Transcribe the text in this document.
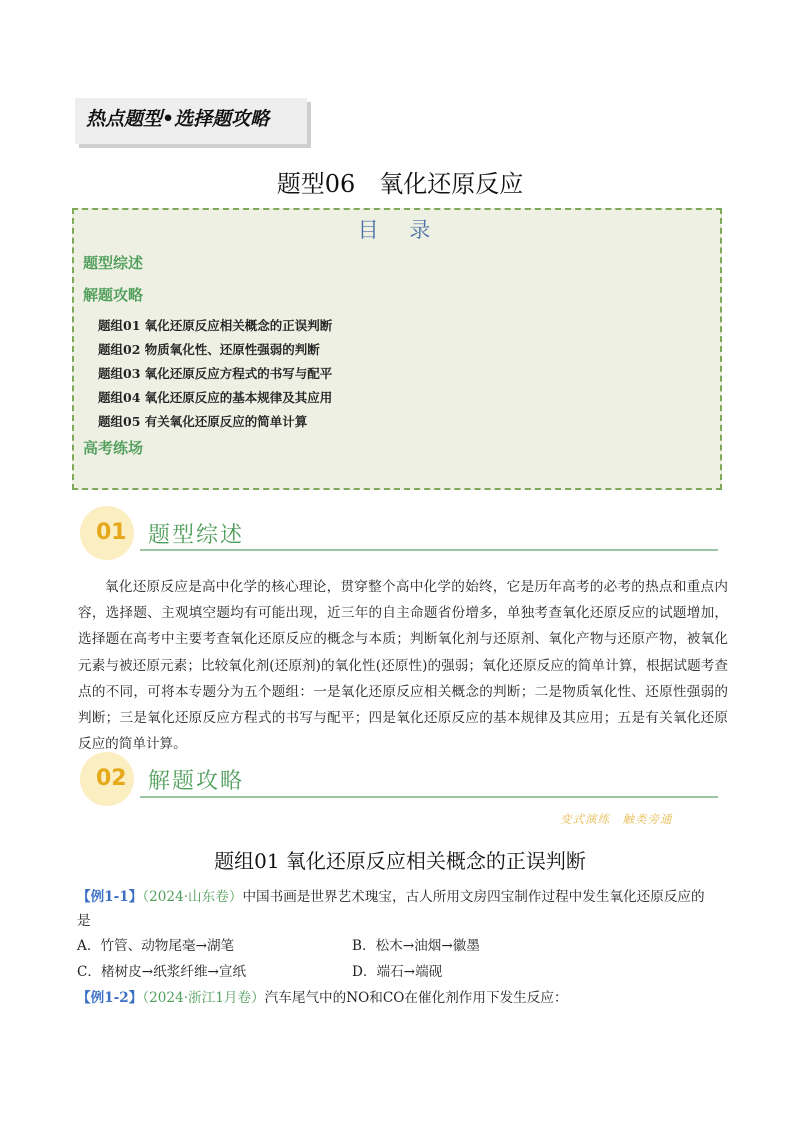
热点题型•选择题攻略
题型06　氧化还原反应
目 录
题型综述
解题攻略
题组01 氧化还原反应相关概念的正误判断
题组02 物质氧化性、还原性强弱的判断
题组03 氧化还原反应方程式的书写与配平
题组04 氧化还原反应的基本规律及其应用
题组05 有关氧化还原反应的简单计算
高考练场
01 题型综述
氧化还原反应是高中化学的核心理论，贯穿整个高中化学的始终，它是历年高考的必考的热点和重点内容，选择题、主观填空题均有可能出现，近三年的自主命题省份增多，单独考查氧化还原反应的试题增加，选择题在高考中主要考查氧化还原反应的概念与本质；判断氧化剂与还原剂、氧化产物与还原产物，被氧化元素与被还原元素；比较氧化剂(还原剂)的氧化性(还原性)的强弱；氧化还原反应的简单计算，根据试题考查点的不同，可将本专题分为五个题组：一是氧化还原反应相关概念的判断；二是物质氧化性、还原性强弱的判断；三是氧化还原反应方程式的书写与配平；四是氧化还原反应的基本规律及其应用；五是有关氧化还原反应的简单计算。
02 解题攻略
变式演练　触类旁通
题组01 氧化还原反应相关概念的正误判断
【例1-1】（2024·山东卷）中国书画是世界艺术瑰宝，古人所用文房四宝制作过程中发生氧化还原反应的
是
A．竹管、动物尾毫→湖笔	B．松木→油烟→徽墨
C．楮树皮→纸浆纤维→宣纸	D．端石→端砚
【例1-2】（2024·浙江1月卷）汽车尾气中的NO和CO在催化剂作用下发生反应：
